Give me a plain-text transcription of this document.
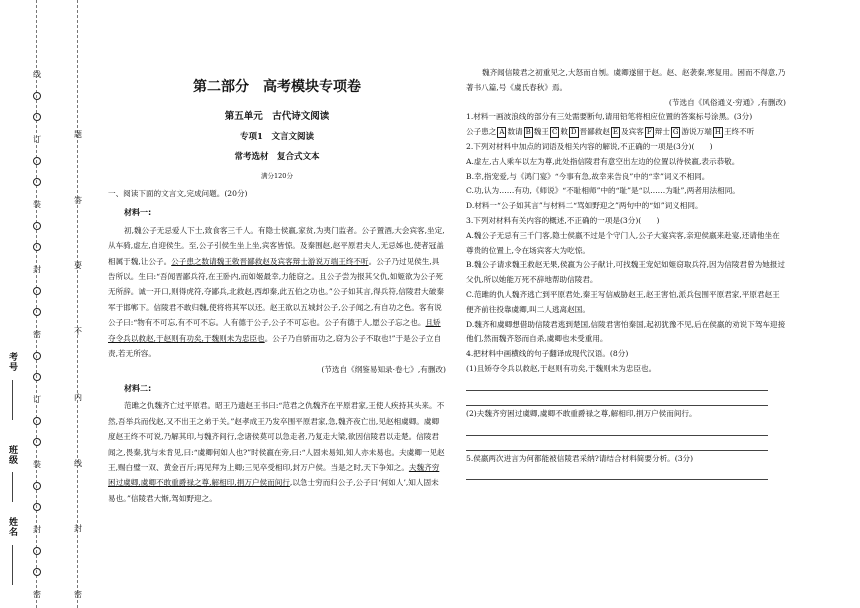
线
订
装
封
密
订
装
封
密
题
答
要
不
内
线
封
密
考号
班级
姓名
第二部分　高考模块专项卷
第五单元　古代诗文阅读
专项1　文言文阅读
常考选材　复合式文本
满分120分

一、阅读下面的文言文,完成问题。(20分)

材料一:

初,魏公子无忌爱人下士,致食客三千人。有隐士侯嬴,家贫,为夷门监者。公子置酒,大会宾客,坐定,从车骑,虚左,自迎侯生。至,公子引侯生坐上坐,宾客皆惊。及秦围赵,赵平原君夫人,无忌姊也,使者冠盖相属于魏,让公子。公子患之数请魏王敕晋鄙救赵及宾客辩士游说万端王终不听。公子乃过见侯生,具告所以。生曰:“吾闻晋鄙兵符,在王卧内,而如姬最幸,力能窃之。且公子尝为报其父仇,如姬欲为公子死无所辞。诚一开口,则得虎符,夺鄙兵,北救赵,西却秦,此五伯之功也。”公子如其言,得兵符,信陵君大破秦军于邯郸下。信陵君不敢归魏,使将将其军以还。赵王欲以五城封公子,公子闻之,有自功之色。客有说公子曰:“物有不可忘,有不可不忘。人有德于公子,公子不可忘也。公子有德于人,愿公子忘之也。且矫夺令兵以救赵,于赵则有功矣,于魏则未为忠臣也。公子乃自骄而功之,窃为公子不取也!”于是公子立自责,若无所容。

(节选自《纲鉴易知录·卷七》,有删改)

材料二:

范雎之仇魏齐亡过平原君。昭王乃遗赵王书曰:“范君之仇魏齐在平原君家,王使人疾持其头来。不然,吾举兵而伐赵,又不出王之弟于关。”赵孝成王乃发卒围平原君家,急,魏齐夜亡出,见赵相虞卿。虞卿度赵王终不可说,乃解其印,与魏齐间行,念诸侯莫可以急走者,乃复走大梁,欲因信陵君以走楚。信陵君闻之,畏秦,犹与未肯见,曰:“虞卿何如人也?”时侯嬴在旁,曰:“人固未易知,知人亦未易也。夫虞卿一见赵王,赐白璧一双、黄金百斤;再见拜为上卿;三见卒受相印,封万户侯。当是之时,天下争知之。夫魏齐穷困过虞卿,虞卿不敢重爵禄之尊,解相印,捐万户侯而间行,以急士穷而归公子,公子曰‘何如人’,知人固未易也。”信陵君大惭,驾如野迎之。

魏齐闻信陵君之初重见之,大怒而自刎。虞卿遂留于赵。赵、赵袭秦,寒复用。困而不得意,乃著书八篇,号《虞氏春秋》焉。

(节选自《风俗通义·穷通》,有删改)

1.材料一画波浪线的部分有三处需要断句,请用铅笔将相应位置的答案标号涂黑。(3分)

公子患之 A 数请 B 魏王 C 敕 D 晋鄙救赵 E 及宾客 F 辩士 G 游说万端 H 王终不听

2.下列对材料中加点的词语及相关内容的解说,不正确的一项是(3分)(　　)

A.虚左,古人乘车以左为尊,此处指信陵君有意空出左边的位置以待侯嬴,表示恭敬。

B.幸,指宠爱,与《鸿门宴》“今事有急,故幸来告良”中的“幸”词义不相同。

C.功,认为……有功,《师说》“不耻相师”中的“耻”是“以……为耻”,两者用法相同。

D.材料一“公子如其言”与材料二“骂如野迎之”两句中的“如”词义相同。

3.下列对材料有关内容的概述,不正确的一项是(3分)(　　)

A.魏公子无忌有三千门客,隐士侯嬴不过是个守门人,公子大宴宾客,亲迎侯嬴来赴宴,还请他坐在尊贵的位置上,令在场宾客大为吃惊。

B.魏公子请求魏王救赵无果,侯嬴为公子献计,可找魏王宠妃如姬窃取兵符,因为信陵君曾为她报过父仇,所以她能万死不辞地帮助信陵君。

C.范雎的仇人魏齐逃亡到平原君处,秦王写信威胁赵王,赵王害怕,派兵包围平原君家,平原君赵王便齐前往投靠虞卿,叫二人逃离赵国。

D.魏齐和虞卿想借助信陵君逃到楚国,信陵君害怕秦国,起初犹豫不见,后在侯嬴的劝说下驾车迎接他们,然而魏齐怒而自杀,虞卿也未受重用。

4.把材料中画横线的句子翻译成现代汉语。(8分)

(1)且矫夺令兵以救赵,于赵则有功矣,于魏则未为忠臣也。

(2)夫魏齐穷困过虞卿,虞卿不敢重爵禄之尊,解相印,捐万户侯而间行。

5.侯嬴两次进言为何都能被信陵君采纳?请结合材料简要分析。(3分)
